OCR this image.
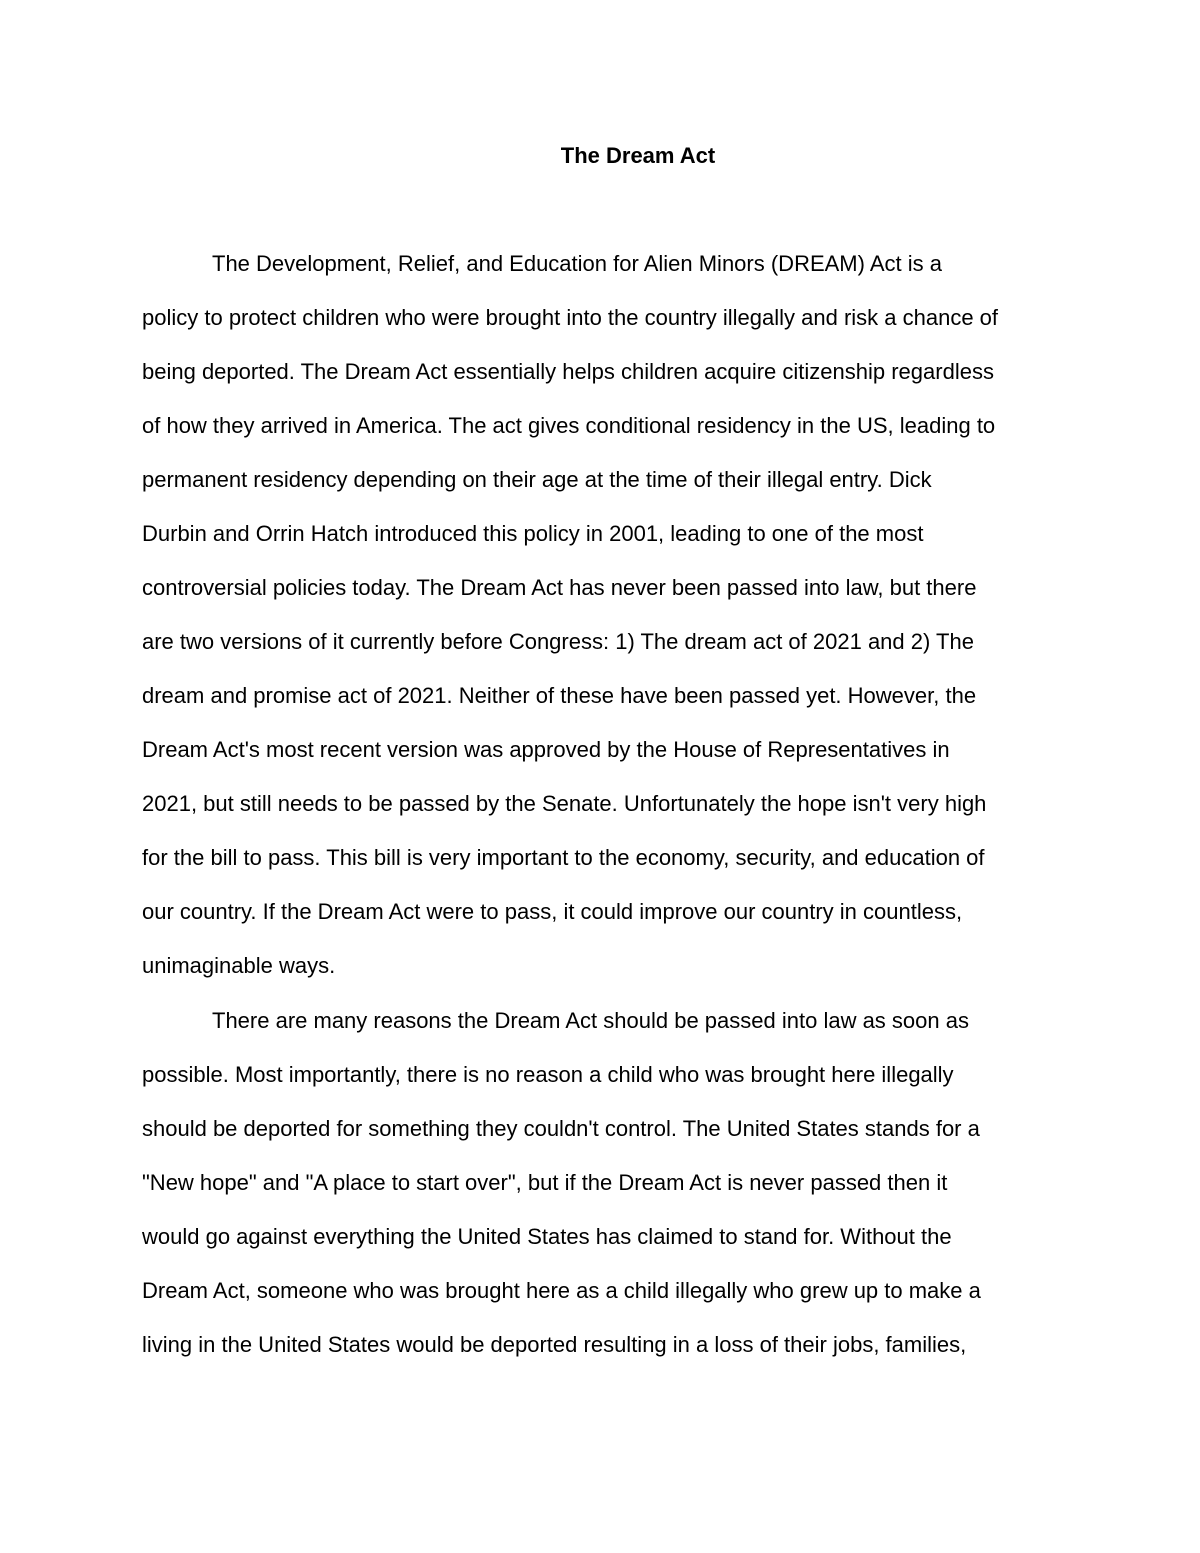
The Dream Act

The Development, Relief, and Education for Alien Minors (DREAM) Act is a

policy to protect children who were brought into the country illegally and risk a chance of

being deported. The Dream Act essentially helps children acquire citizenship regardless

of how they arrived in America. The act gives conditional residency in the US, leading to

permanent residency depending on their age at the time of their illegal entry. Dick

Durbin and Orrin Hatch introduced this policy in 2001, leading to one of the most

controversial policies today. The Dream Act has never been passed into law, but there

are two versions of it currently before Congress: 1) The dream act of 2021 and 2) The

dream and promise act of 2021. Neither of these have been passed yet. However, the

Dream Act's most recent version was approved by the House of Representatives in

2021, but still needs to be passed by the Senate. Unfortunately the hope isn't very high

for the bill to pass. This bill is very important to the economy, security, and education of

our country. If the Dream Act were to pass, it could improve our country in countless,

unimaginable ways.

There are many reasons the Dream Act should be passed into law as soon as

possible. Most importantly, there is no reason a child who was brought here illegally

should be deported for something they couldn't control. The United States stands for a

"New hope" and "A place to start over", but if the Dream Act is never passed then it

would go against everything the United States has claimed to stand for. Without the

Dream Act, someone who was brought here as a child illegally who grew up to make a

living in the United States would be deported resulting in a loss of their jobs, families,
